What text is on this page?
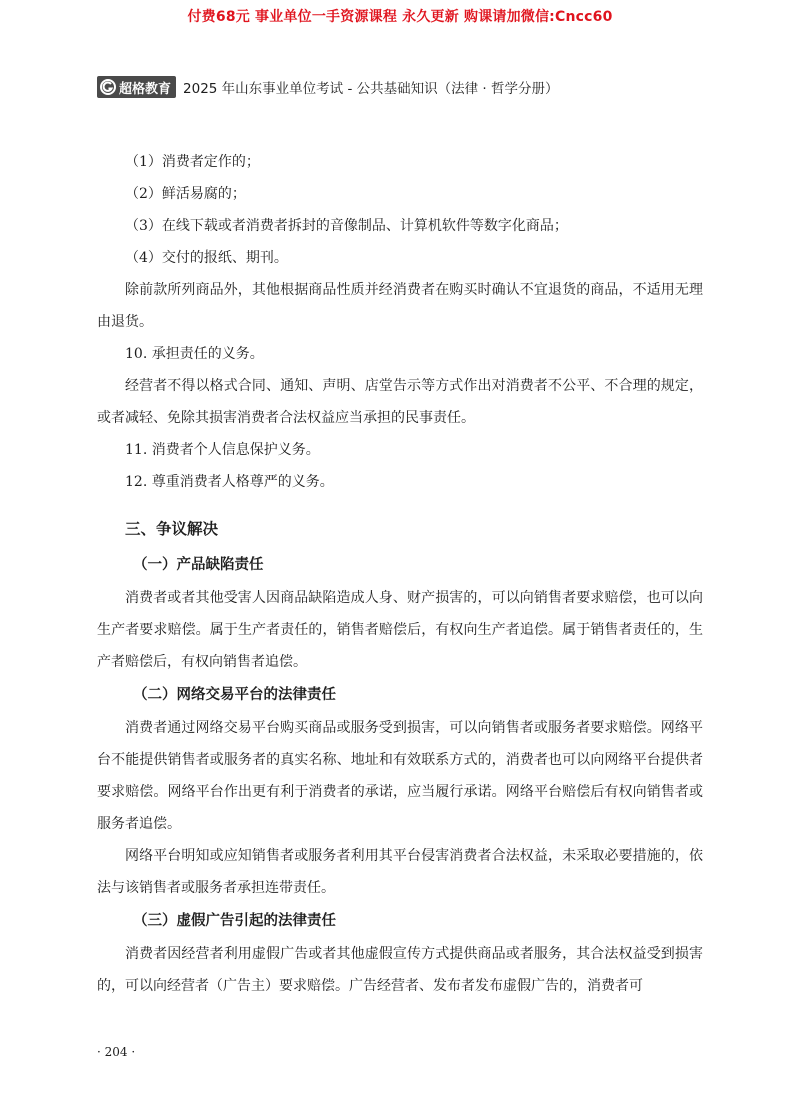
付费68元 事业单位一手资源课程 永久更新 购课请加微信:Cncc60
超格教育 2025 年山东事业单位考试 - 公共基础知识（法律 · 哲学分册）

（1）消费者定作的；

（2）鲜活易腐的；

（3）在线下载或者消费者拆封的音像制品、计算机软件等数字化商品；

（4）交付的报纸、期刊。

除前款所列商品外，其他根据商品性质并经消费者在购买时确认不宜退货的商品，不适用无理由退货。

10. 承担责任的义务。

经营者不得以格式合同、通知、声明、店堂告示等方式作出对消费者不公平、不合理的规定，或者减轻、免除其损害消费者合法权益应当承担的民事责任。

11. 消费者个人信息保护义务。

12. 尊重消费者人格尊严的义务。

三、争议解决
（一）产品缺陷责任

消费者或者其他受害人因商品缺陷造成人身、财产损害的，可以向销售者要求赔偿，也可以向生产者要求赔偿。属于生产者责任的，销售者赔偿后，有权向生产者追偿。属于销售者责任的，生产者赔偿后，有权向销售者追偿。

（二）网络交易平台的法律责任

消费者通过网络交易平台购买商品或服务受到损害，可以向销售者或服务者要求赔偿。网络平台不能提供销售者或服务者的真实名称、地址和有效联系方式的，消费者也可以向网络平台提供者要求赔偿。网络平台作出更有利于消费者的承诺，应当履行承诺。网络平台赔偿后有权向销售者或服务者追偿。

网络平台明知或应知销售者或服务者利用其平台侵害消费者合法权益，未采取必要措施的，依法与该销售者或服务者承担连带责任。

（三）虚假广告引起的法律责任

消费者因经营者利用虚假广告或者其他虚假宣传方式提供商品或者服务，其合法权益受到损害的，可以向经营者（广告主）要求赔偿。广告经营者、发布者发布虚假广告的，消费者可

· 204 ·
